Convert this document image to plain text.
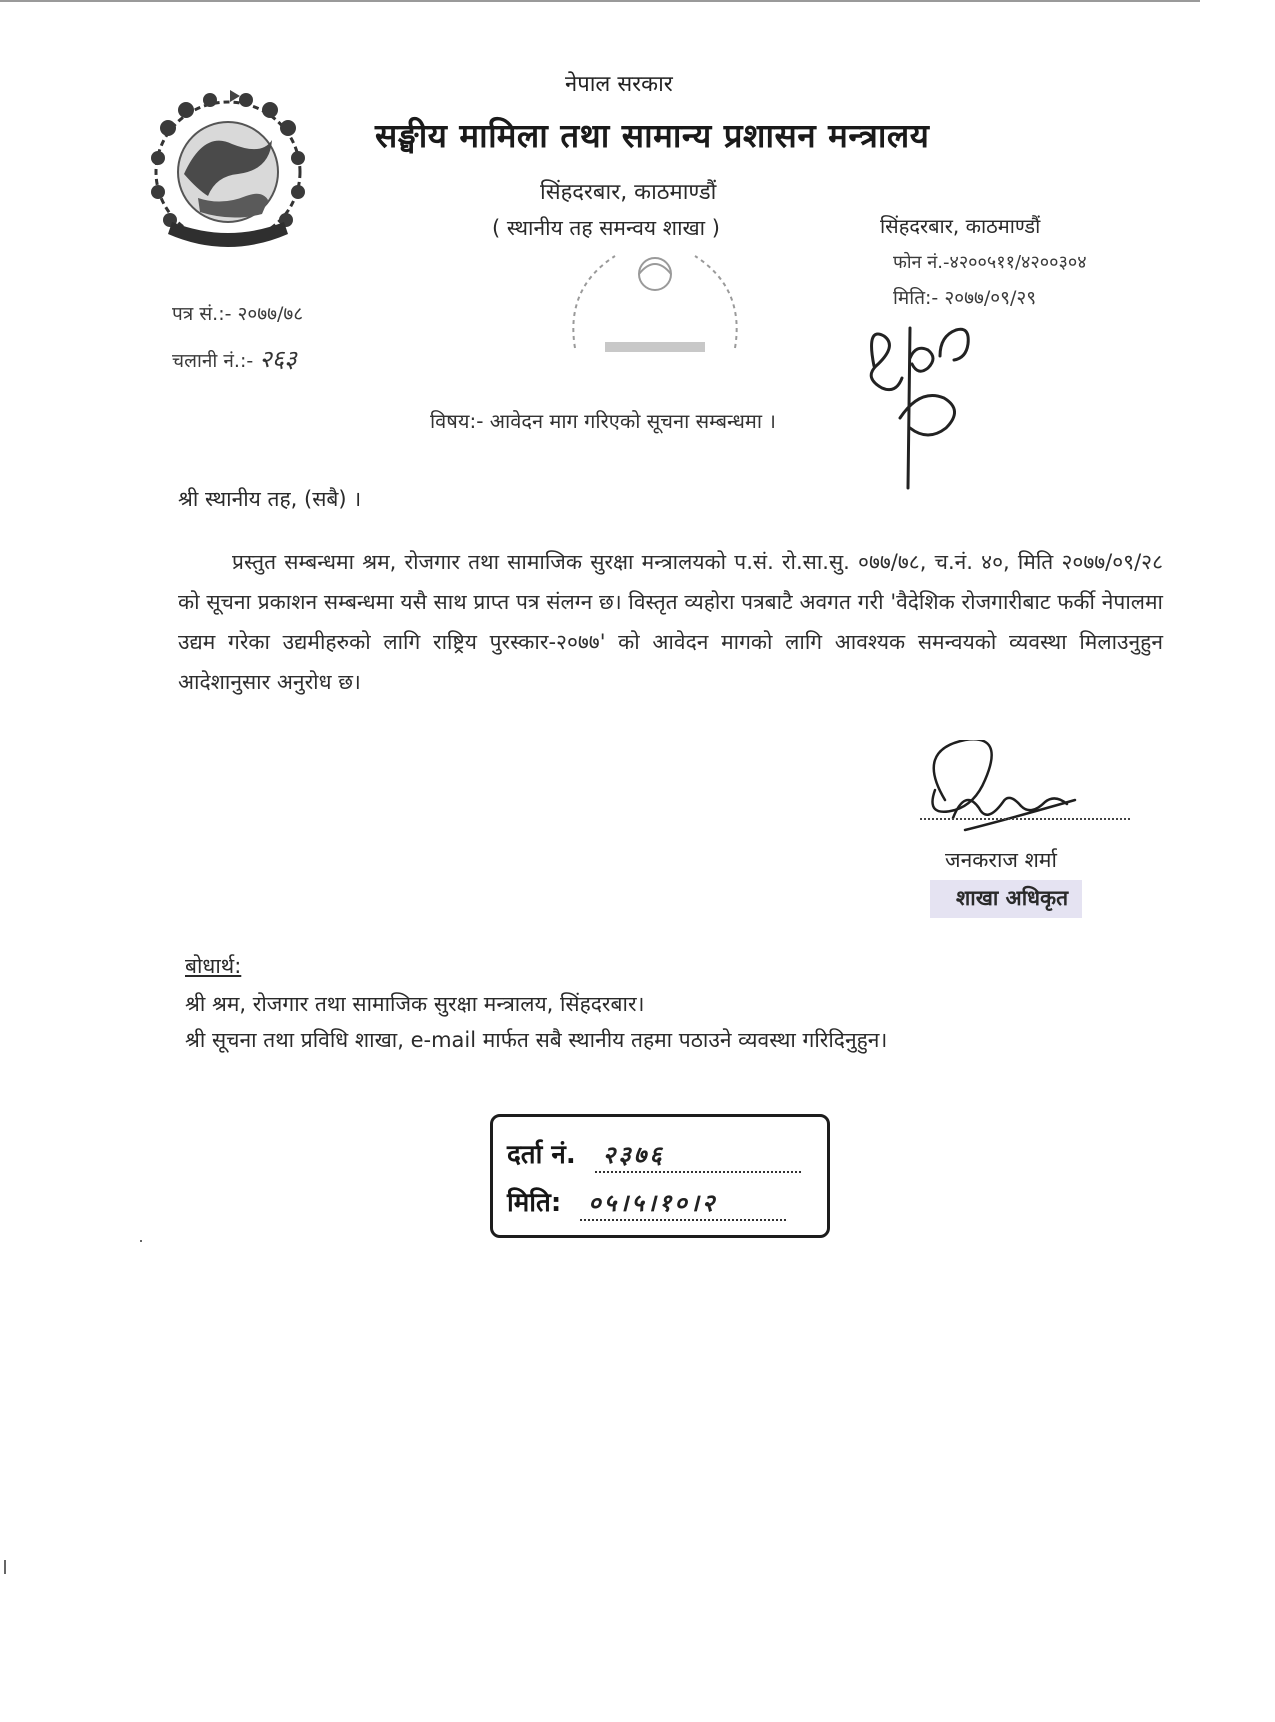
नेपाल सरकार
सङ्घीय मामिला तथा सामान्य प्रशासन मन्त्रालय
सिंहदरबार, काठमाण्डौं
( स्थानीय तह समन्वय शाखा )	सिंहदरबार, काठमाण्डौं
फोन नं.-४२००५११/४२००३०४
मिति:- २०७७/०९/२९
पत्र सं.:- २०७७/७८
चलानी नं.:- २६३
विषय:- आवेदन माग गरिएको सूचना सम्बन्धमा ।
श्री स्थानीय तह, (सबै) ।
प्रस्तुत सम्बन्धमा श्रम, रोजगार तथा सामाजिक सुरक्षा मन्त्रालयको प.सं. रो.सा.सु. ०७७/७८, च.नं. ४०, मिति २०७७/०९/२८ को सूचना प्रकाशन सम्बन्धमा यसै साथ प्राप्त पत्र संलग्न छ। विस्तृत व्यहोरा पत्रबाटै अवगत गरी 'वैदेशिक रोजगारीबाट फर्की नेपालमा उद्यम गरेका उद्यमीहरुको लागि राष्ट्रिय पुरस्कार-२०७७' को आवेदन मागको लागि आवश्यक समन्वयको व्यवस्था मिलाउनुहुन आदेशानुसार अनुरोध छ।
जनकराज शर्मा
शाखा अधिकृत
बोधार्थ:
श्री श्रम, रोजगार तथा सामाजिक सुरक्षा मन्त्रालय, सिंहदरबार।
श्री सूचना तथा प्रविधि शाखा, e-mail मार्फत सबै स्थानीय तहमा पठाउने व्यवस्था गरिदिनुहुन।
दर्ता नं. २३७६
मिति: ०५।५।१०।२
